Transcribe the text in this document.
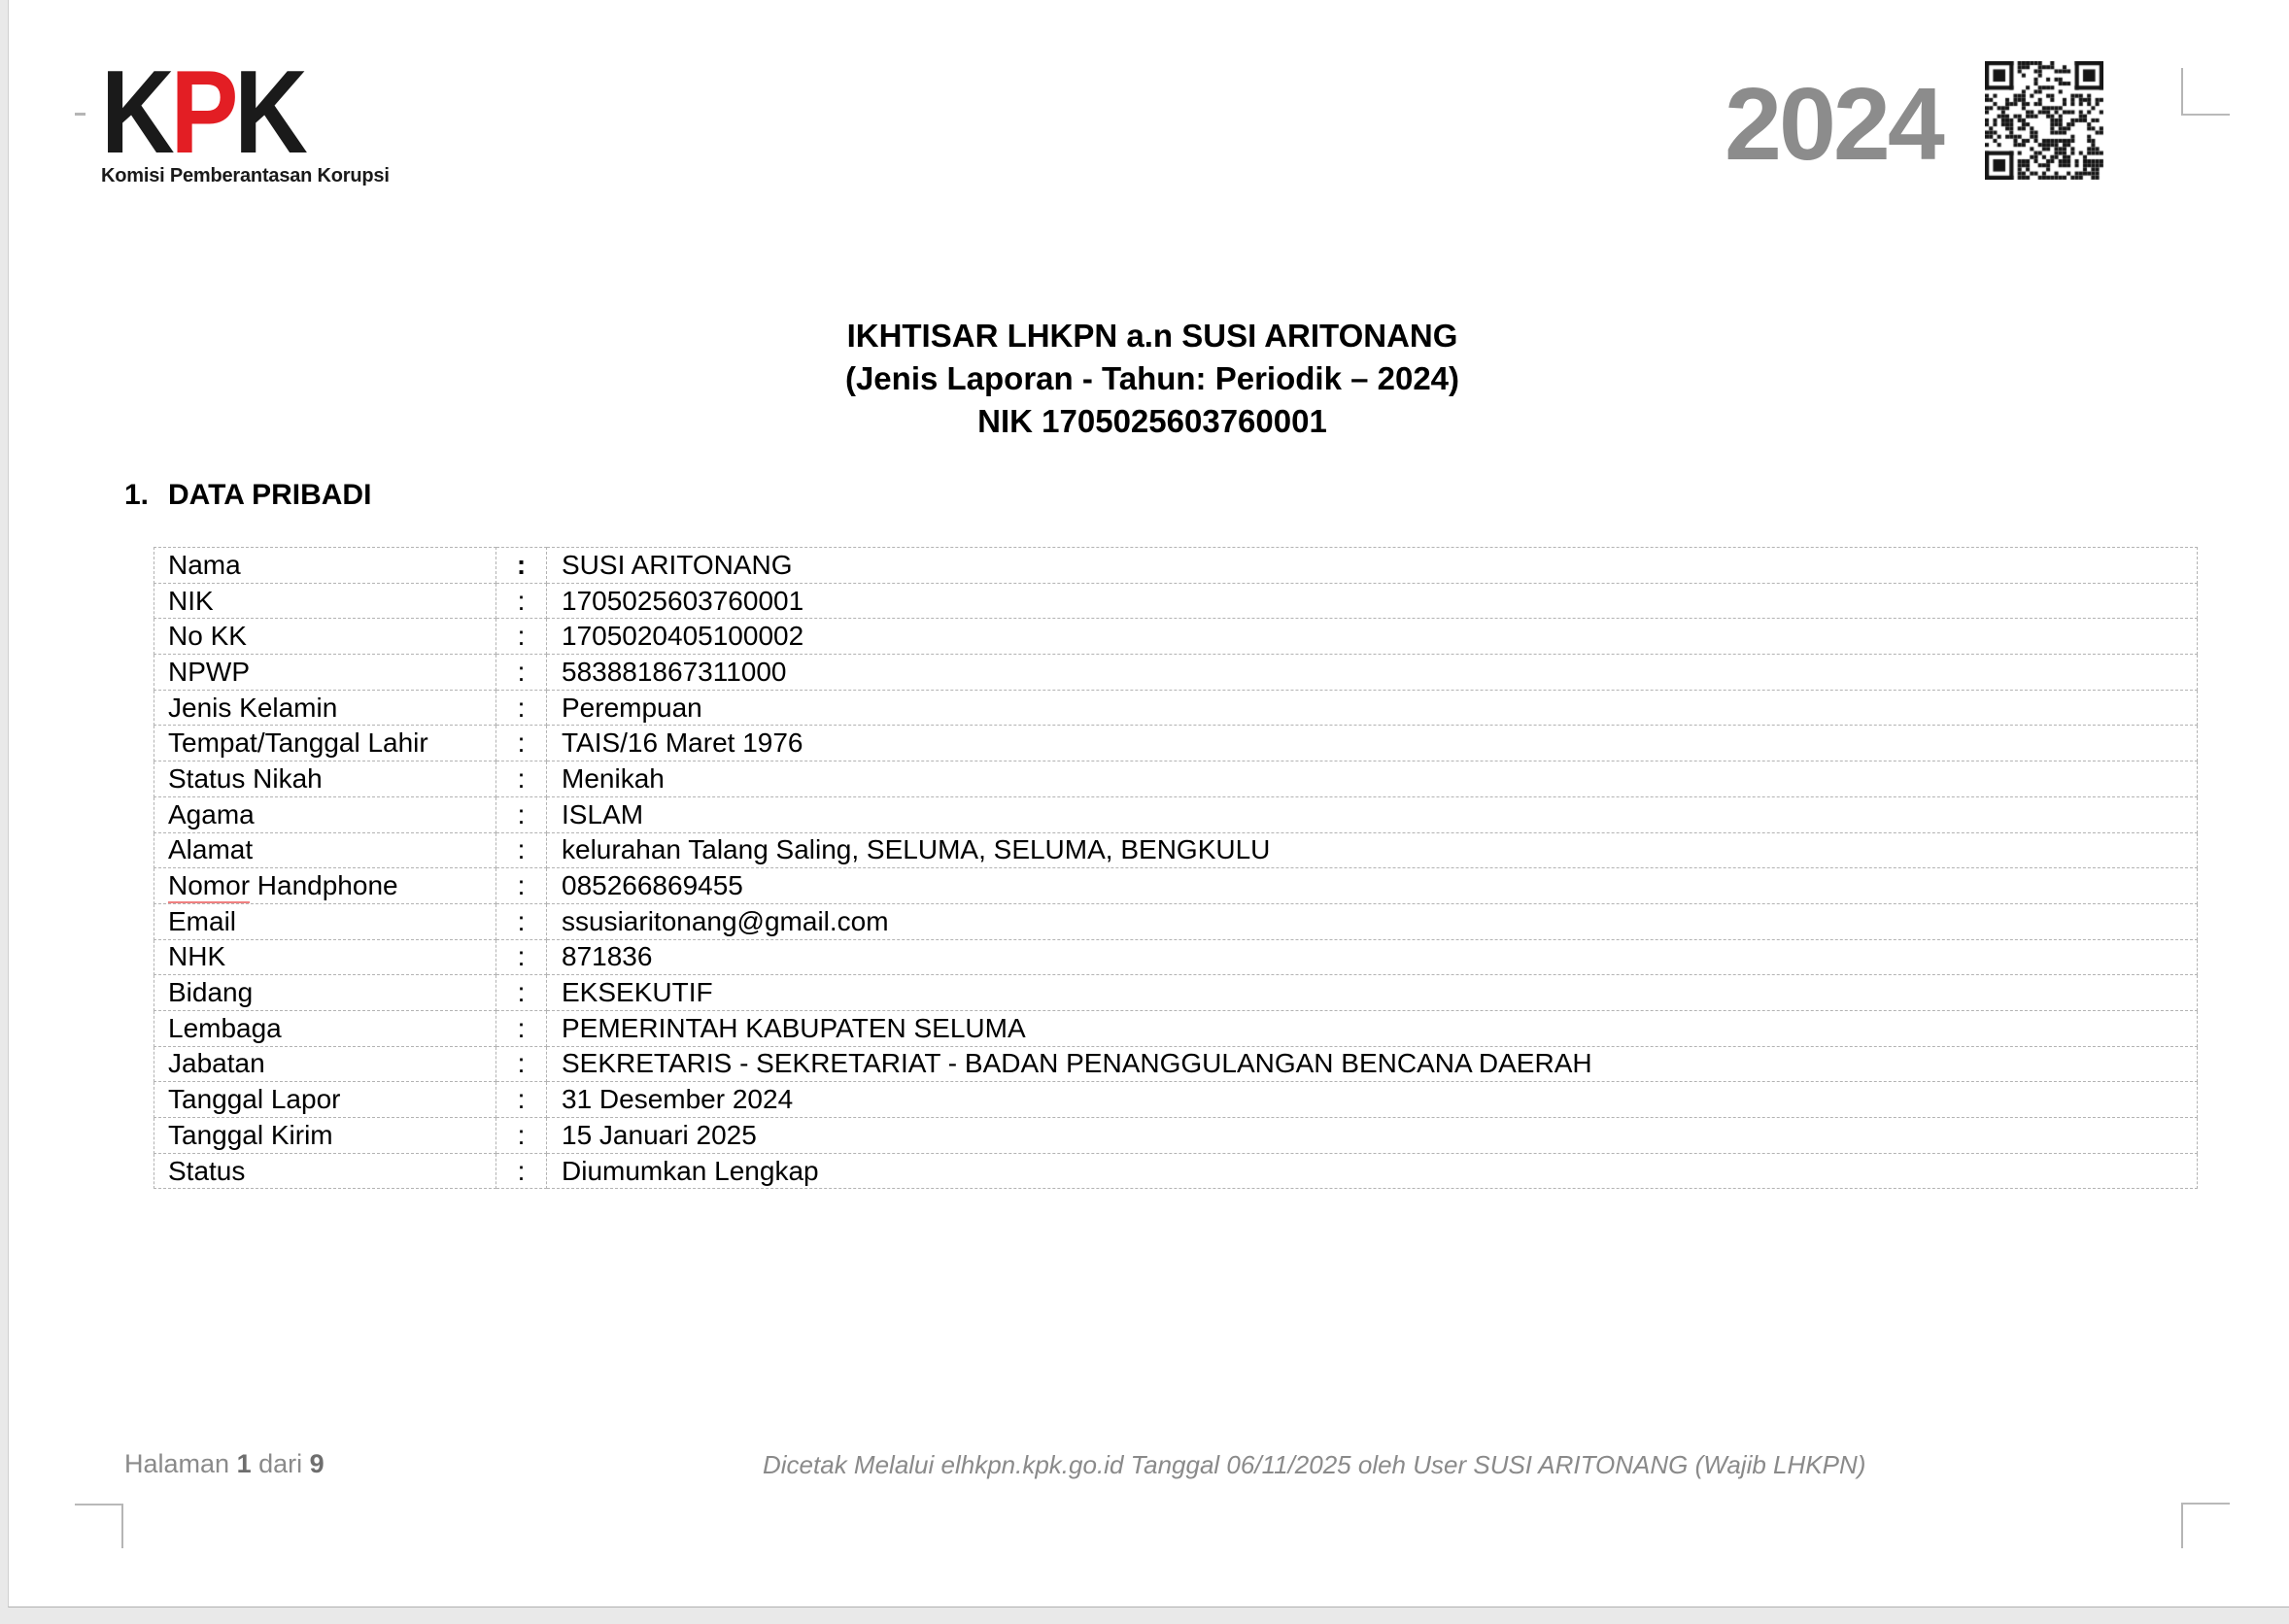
KPK
Komisi Pemberantasan Korupsi	2024
IKHTISAR LHKPN a.n SUSI ARITONANG
(Jenis Laporan - Tahun: Periodik – 2024)
NIK 1705025603760001
1. DATA PRIBADI
Nama	:	SUSI ARITONANG
NIK	:	1705025603760001
No KK	:	1705020405100002
NPWP	:	583881867311000
Jenis Kelamin	:	Perempuan
Tempat/Tanggal Lahir	:	TAIS/16 Maret 1976
Status Nikah	:	Menikah
Agama	:	ISLAM
Alamat	:	kelurahan Talang Saling, SELUMA, SELUMA, BENGKULU
Nomor Handphone	:	085266869455
Email	:	ssusiaritonang@gmail.com
NHK	:	871836
Bidang	:	EKSEKUTIF
Lembaga	:	PEMERINTAH KABUPATEN SELUMA
Jabatan	:	SEKRETARIS - SEKRETARIAT - BADAN PENANGGULANGAN BENCANA DAERAH
Tanggal Lapor	:	31 Desember 2024
Tanggal Kirim	:	15 Januari 2025
Status	:	Diumumkan Lengkap
Halaman 1 dari 9	Dicetak Melalui elhkpn.kpk.go.id Tanggal 06/11/2025 oleh User SUSI ARITONANG (Wajib LHKPN)
